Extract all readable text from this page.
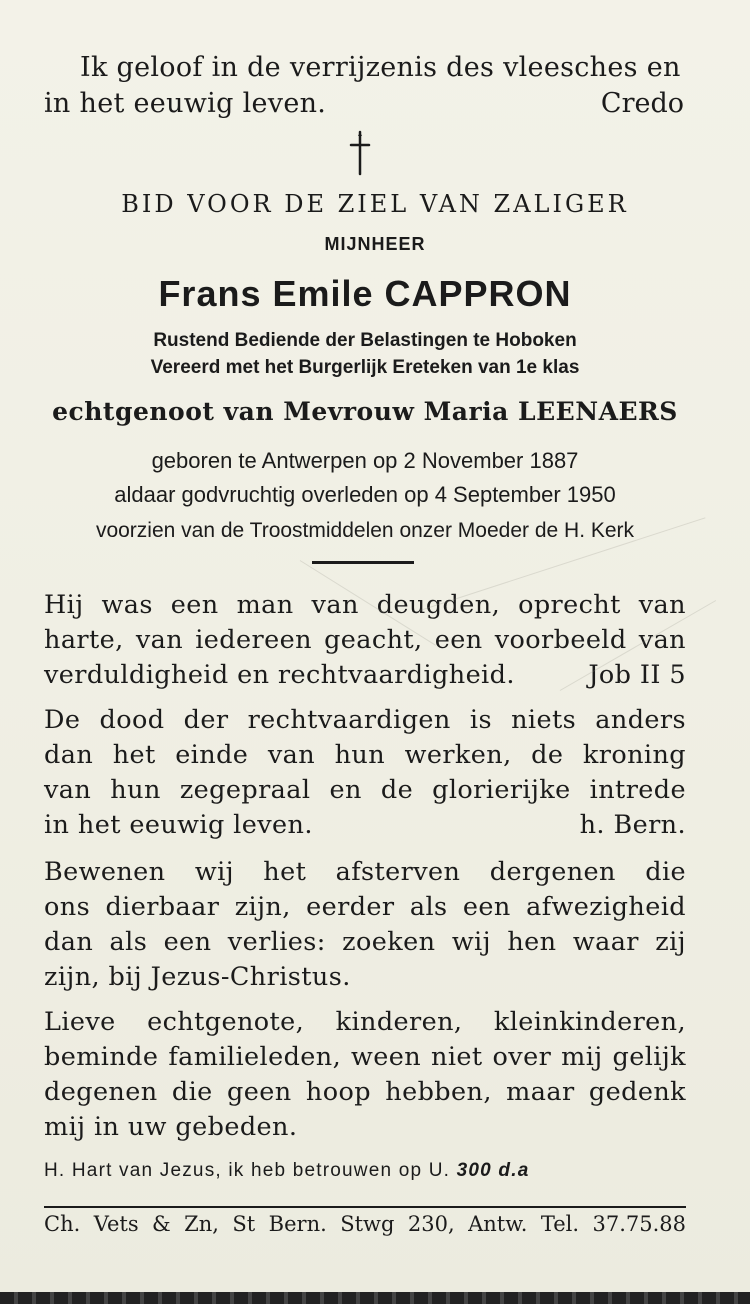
Ik geloof in de verrijzenis des vleesches en
in het eeuwig leven.	Credo
BID VOOR DE ZIEL VAN ZALIGER
MIJNHEER
Frans Emile CAPPRON
Rustend Bediende der Belastingen te Hoboken
Vereerd met het Burgerlijk Ereteken van 1e klas
echtgenoot van Mevrouw Maria LEENAERS
geboren te Antwerpen op 2 November 1887
aldaar godvruchtig overleden op 4 September 1950
voorzien van de Troostmiddelen onzer Moeder de H. Kerk
Hij was een man van deugden, oprecht van
harte, van iedereen geacht, een voorbeeld van
verduldigheid en rechtvaardigheid.	Job II 5
De dood der rechtvaardigen is niets anders
dan het einde van hun werken, de kroning
van hun zegepraal en de glorierijke intrede
in het eeuwig leven.	h. Bern.
Bewenen wij het afsterven dergenen die
ons dierbaar zijn, eerder als een afwezigheid
dan als een verlies: zoeken wij hen waar zij
zijn, bij Jezus-Christus.
Lieve echtgenote, kinderen, kleinkinderen,
beminde familieleden, ween niet over mij gelijk
degenen die geen hoop hebben, maar gedenk
mij in uw gebeden.
H. Hart van Jezus, ik heb betrouwen op U. 300 d.a
Ch. Vets & Zn, St Bern. Stwg 230, Antw. Tel. 37.75.88
